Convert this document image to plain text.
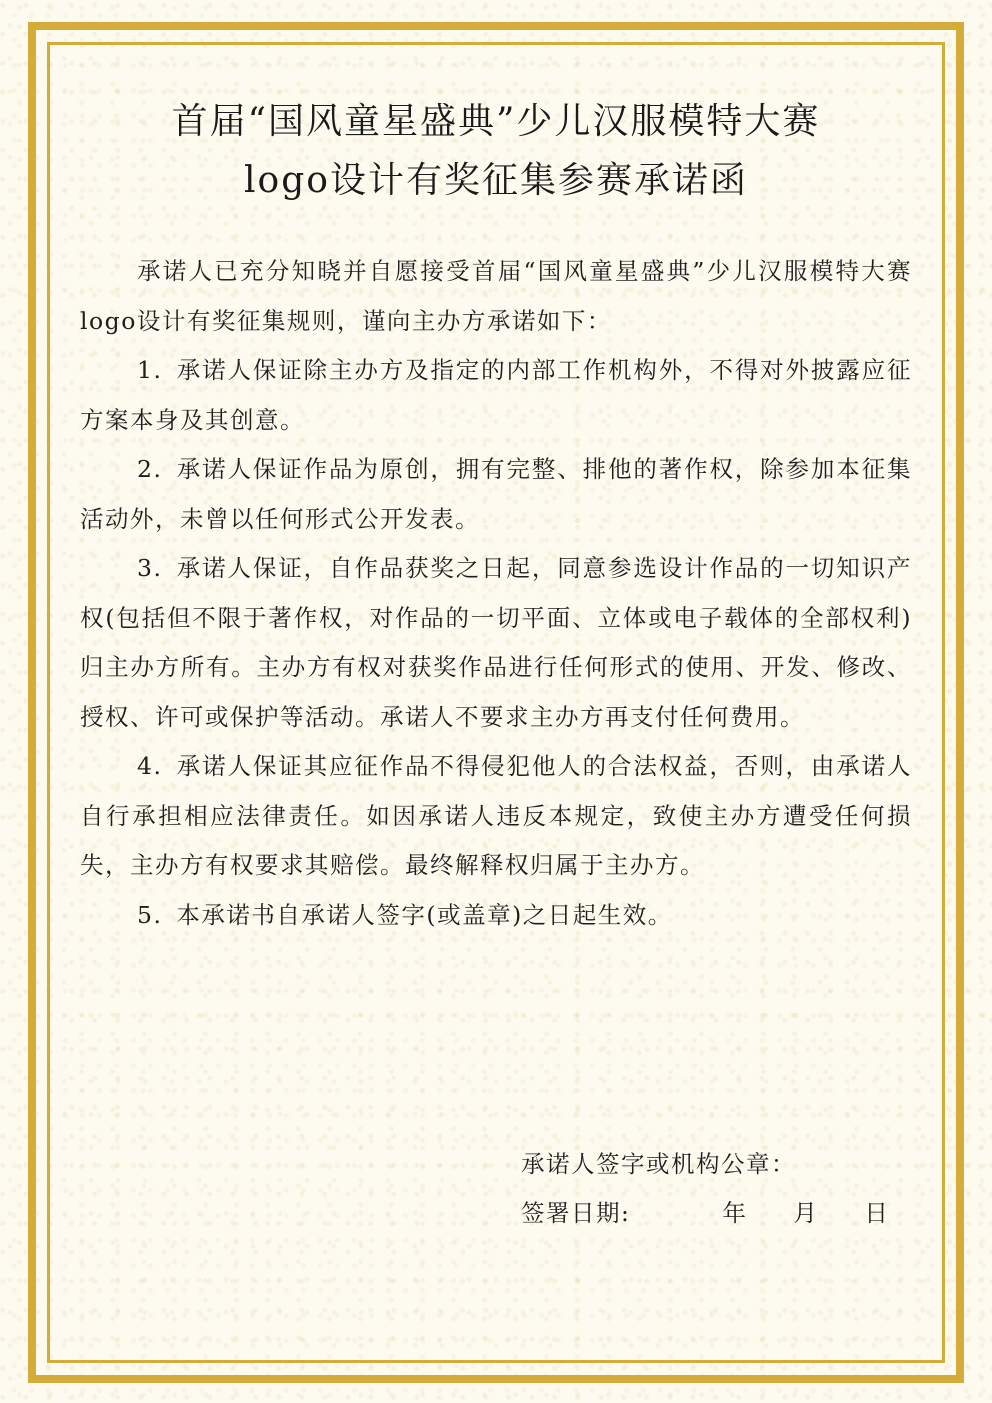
首届“国风童星盛典”少儿汉服模特大赛
logo设计有奖征集参赛承诺函

承诺人已充分知晓并自愿接受首届“国风童星盛典”少儿汉服模特大赛logo设计有奖征集规则，谨向主办方承诺如下：

1. 承诺人保证除主办方及指定的内部工作机构外，不得对外披露应征方案本身及其创意。

2. 承诺人保证作品为原创，拥有完整、排他的著作权，除参加本征集活动外，未曾以任何形式公开发表。

3. 承诺人保证，自作品获奖之日起，同意参选设计作品的一切知识产权(包括但不限于著作权，对作品的一切平面、立体或电子载体的全部权利)归主办方所有。主办方有权对获奖作品进行任何形式的使用、开发、修改、授权、许可或保护等活动。承诺人不要求主办方再支付任何费用。

4. 承诺人保证其应征作品不得侵犯他人的合法权益，否则，由承诺人自行承担相应法律责任。如因承诺人违反本规定，致使主办方遭受任何损失，主办方有权要求其赔偿。最终解释权归属于主办方。

5. 本承诺书自承诺人签字(或盖章)之日起生效。

承诺人签字或机构公章：
签署日期:	年 月 日
